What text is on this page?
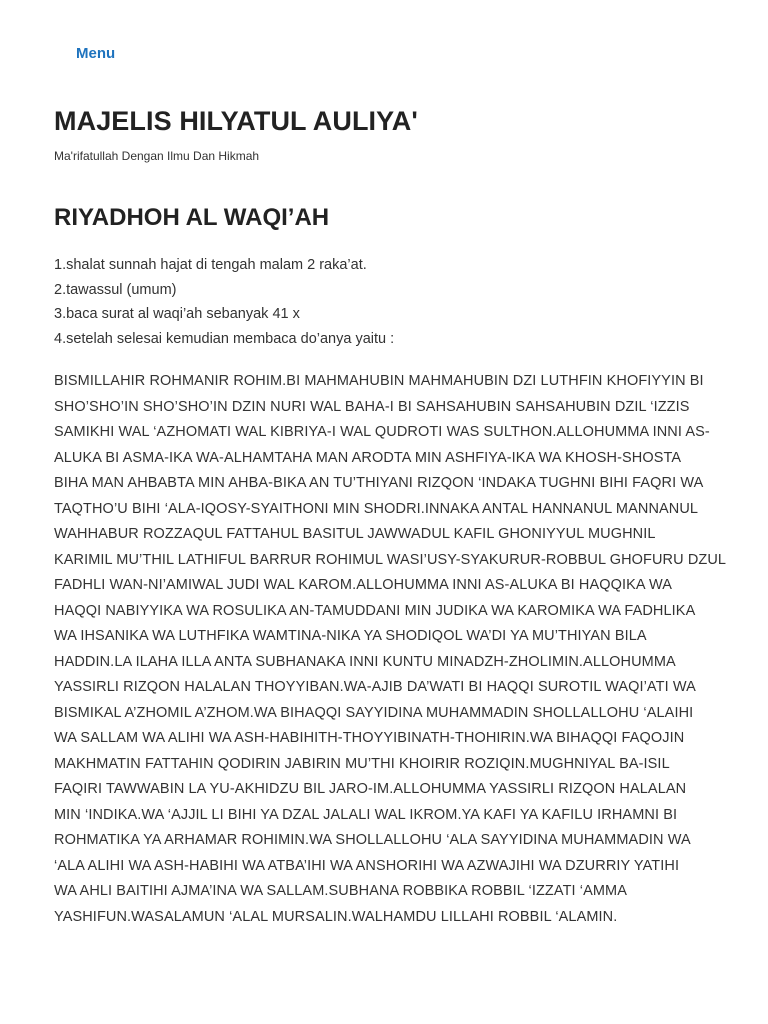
Menu
MAJELIS HILYATUL AULIYA'

Ma'rifatullah Dengan Ilmu Dan Hikmah

RIYADHOH AL WAQI’AH
1.shalat sunnah hajat di tengah malam 2 raka’at.
2.tawassul (umum)
3.baca surat al waqi’ah sebanyak 41 x
4.setelah selesai kemudian membaca do’anya yaitu :
BISMILLAHIR ROHMANIR ROHIM.BI MAHMAHUBIN MAHMAHUBIN DZI LUTHFIN KHOFIYYIN BI
SHO’SHO’IN SHO’SHO’IN DZIN NURI WAL BAHA-I BI SAHSAHUBIN SAHSAHUBIN DZIL ‘IZZIS
SAMIKHI WAL ‘AZHOMATI WAL KIBRIYA-I WAL QUDROTI WAS SULTHON.ALLOHUMMA INNI AS-
ALUKA BI ASMA-IKA WA-ALHAMTAHA MAN ARODTA MIN ASHFIYA-IKA WA KHOSH-SHOSTA
BIHA MAN AHBABTA MIN AHBA-BIKA AN TU’THIYANI RIZQON ‘INDAKA TUGHNI BIHI FAQRI WA
TAQTHO’U BIHI ‘ALA-IQOSY-SYAITHONI MIN SHODRI.INNAKA ANTAL HANNANUL MANNANUL
WAHHABUR ROZZAQUL FATTAHUL BASITUL JAWWADUL KAFIL GHONIYYUL MUGHNIL
KARIMIL MU’THIL LATHIFUL BARRUR ROHIMUL WASI’USY-SYAKURUR-ROBBUL GHOFURU DZUL
FADHLI WAN-NI’AMIWAL JUDI WAL KAROM.ALLOHUMMA INNI AS-ALUKA BI HAQQIKA WA
HAQQI NABIYYIKA WA ROSULIKA AN-TAMUDDANI MIN JUDIKA WA KAROMIKA WA FADHLIKA
WA IHSANIKA WA LUTHFIKA WAMTINA-NIKA YA SHODIQOL WA’DI YA MU’THIYAN BILA
HADDIN.LA ILAHA ILLA ANTA SUBHANAKA INNI KUNTU MINADZH-ZHOLIMIN.ALLOHUMMA
YASSIRLI RIZQON HALALAN THOYYIBAN.WA-AJIB DA’WATI BI HAQQI SUROTIL WAQI’ATI WA
BISMIKAL A’ZHOMIL A’ZHOM.WA BIHAQQI SAYYIDINA MUHAMMADIN SHOLLALLOHU ‘ALAIHI
WA SALLAM WA ALIHI WA ASH-HABIHITH-THOYYIBINATH-THOHIRIN.WA BIHAQQI FAQOJIN
MAKHMATIN FATTAHIN QODIRIN JABIRIN MU’THI KHOIRIR ROZIQIN.MUGHNIYAL BA-ISIL
FAQIRI TAWWABIN LA YU-AKHIDZU BIL JARO-IM.ALLOHUMMA YASSIRLI RIZQON HALALAN
MIN ‘INDIKA.WA ‘AJJIL LI BIHI YA DZAL JALALI WAL IKROM.YA KAFI YA KAFILU IRHAMNI BI
ROHMATIKA YA ARHAMAR ROHIMIN.WA SHOLLALLOHU ‘ALA SAYYIDINA MUHAMMADIN WA
‘ALA ALIHI WA ASH-HABIHI WA ATBA’IHI WA ANSHORIHI WA AZWAJIHI WA DZURRIY YATIHI
WA AHLI BAITIHI AJMA’INA WA SALLAM.SUBHANA ROBBIKA ROBBIL ‘IZZATI ‘AMMA
YASHIFUN.WASALAMUN ‘ALAL MURSALIN.WALHAMDU LILLAHI ROBBIL ‘ALAMIN.
